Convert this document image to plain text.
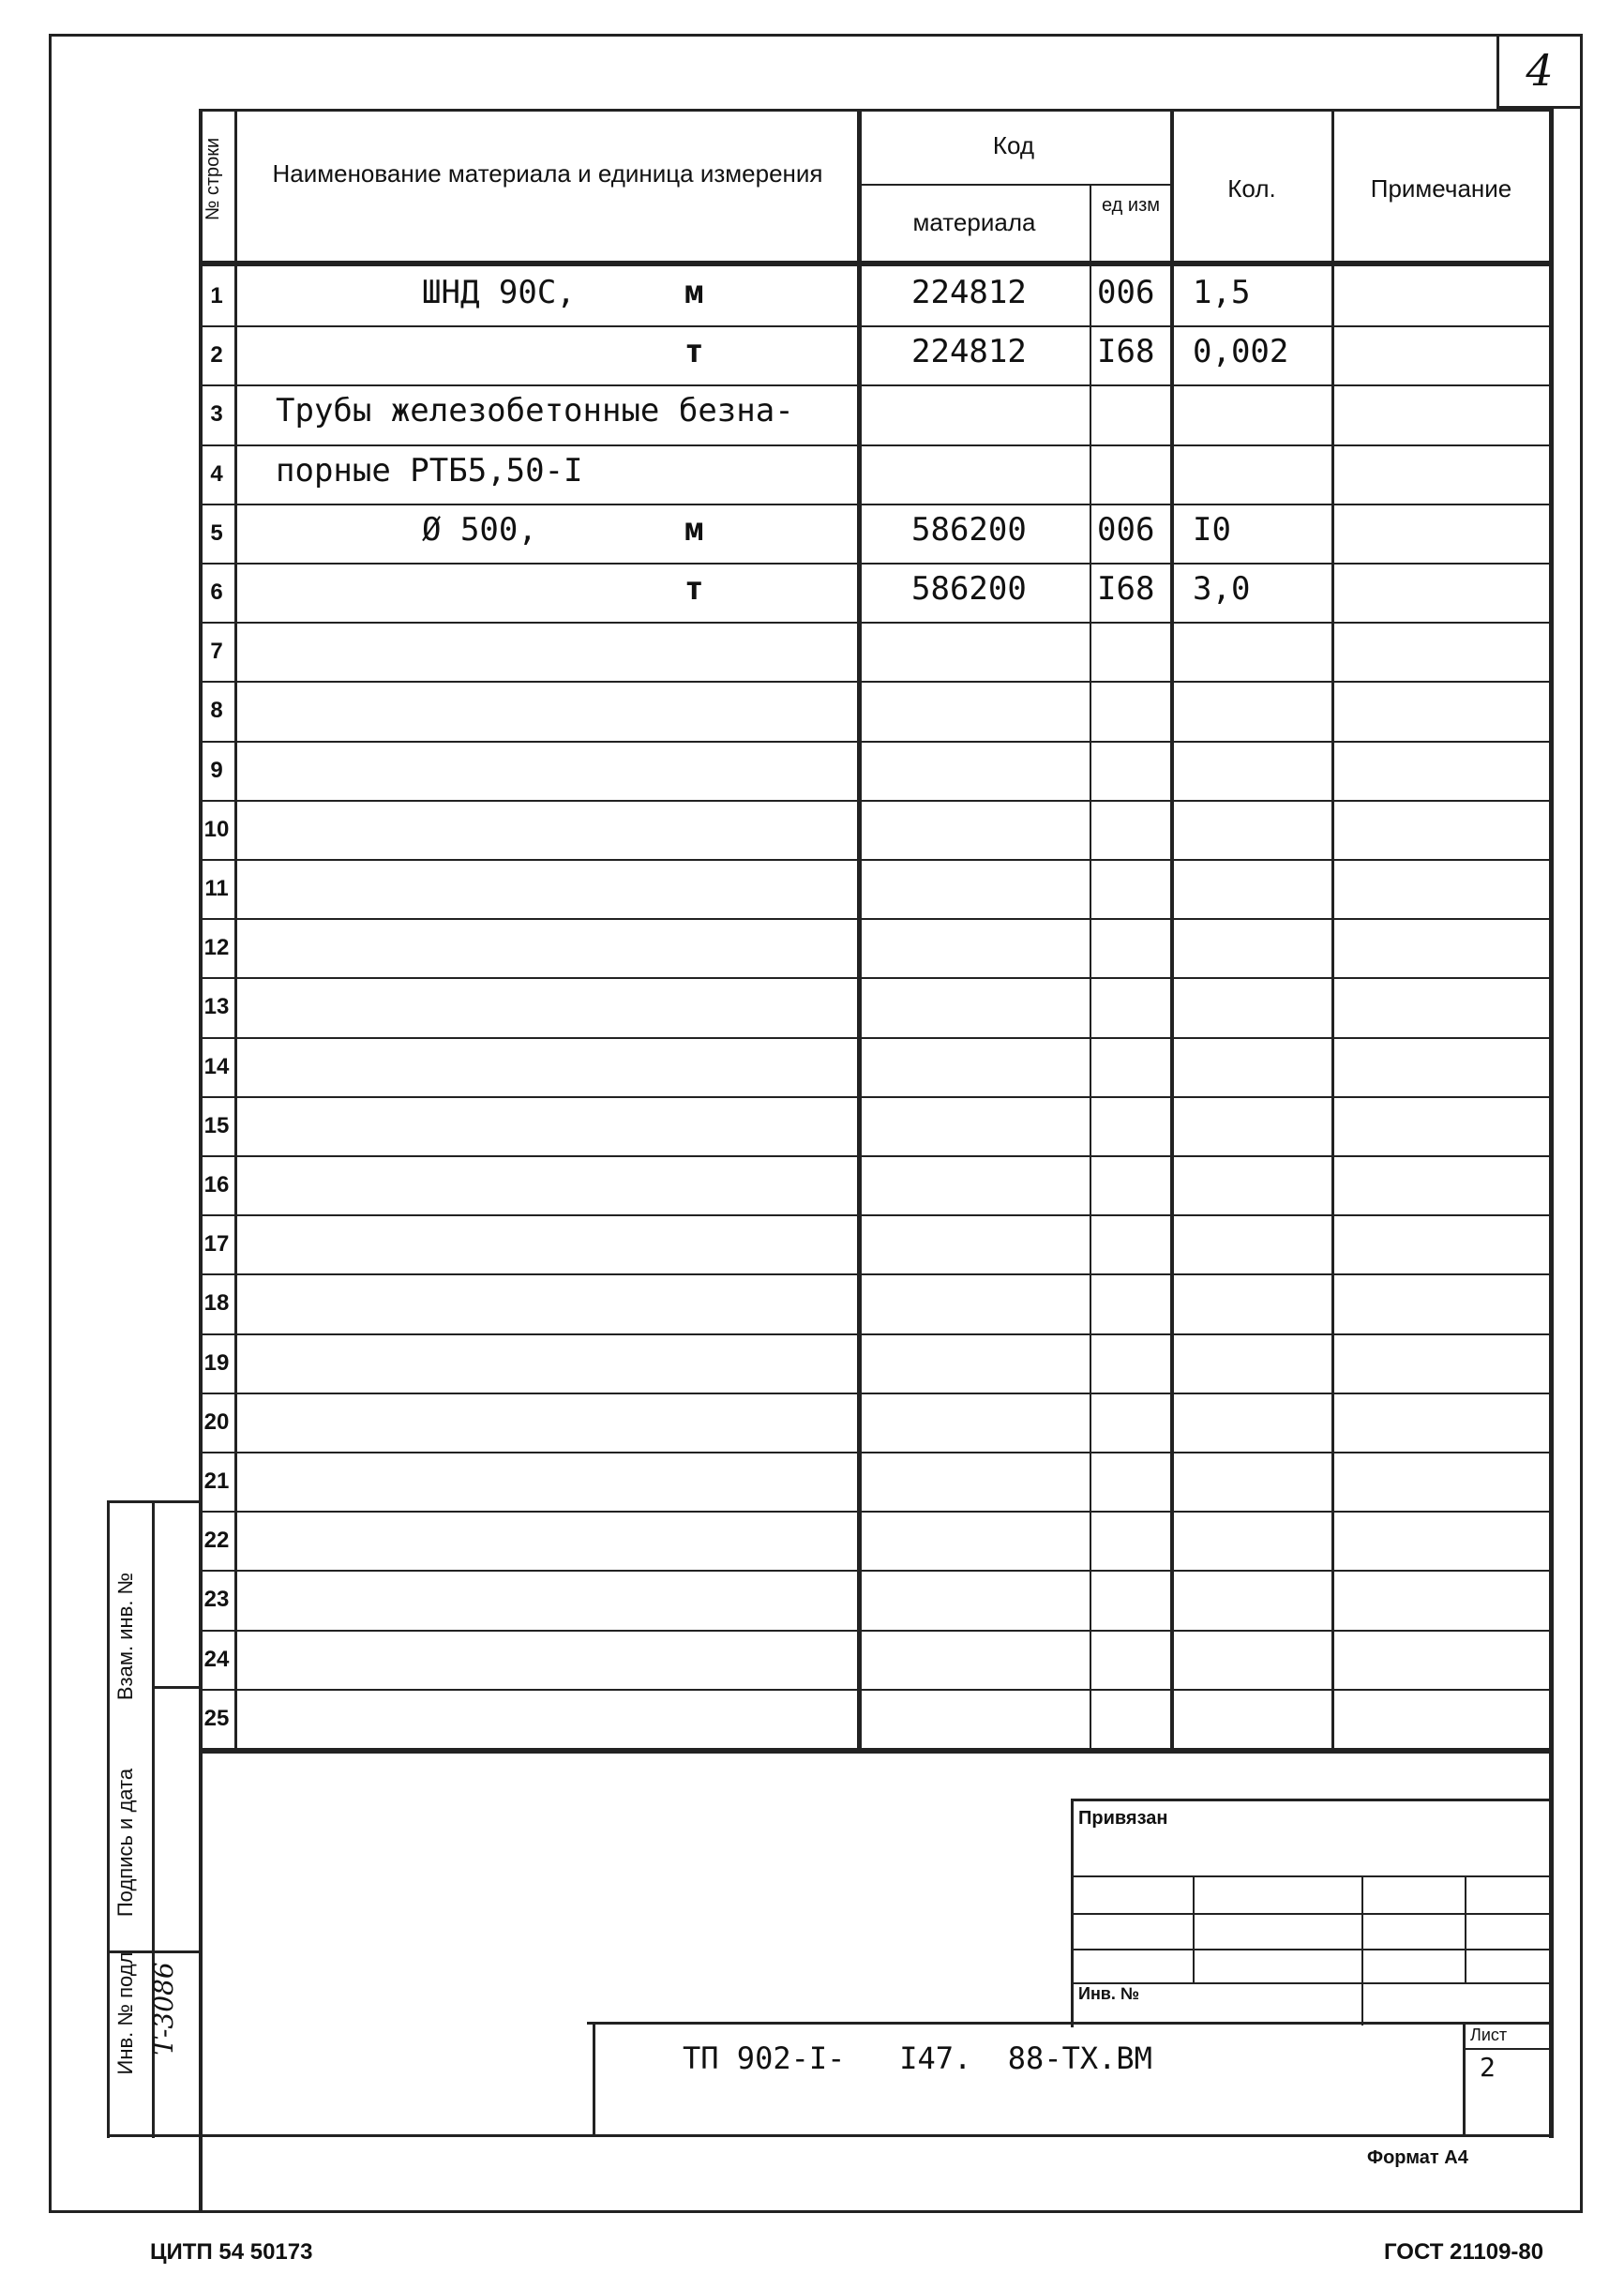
4
№ строки	Наименование материала и единица измерения
Код
материала
ед изм
Кол.	Примечание
1	ШНД 90С,	м	224812 006 1,5
2	т	224812 I68 0,002
3	Трубы железобетонные безна-
4	порные РТБ5,50-I
5	Ø 500,	м	586200 006 I0
6	т	586200 I68 3,0
7
8
9
10
11
12
13
14
15
16
17
18
19
20
21
22
23
24
25
Взам. инв. №
Подпись и дата
Инв. № подл Т-3086
Привязан
Инв. №
ТП 902-I-   I47.  88-ТХ.ВМ
Лист
2
Формат А4
ЦИТП 54 50173	ГОСТ 21109-80
